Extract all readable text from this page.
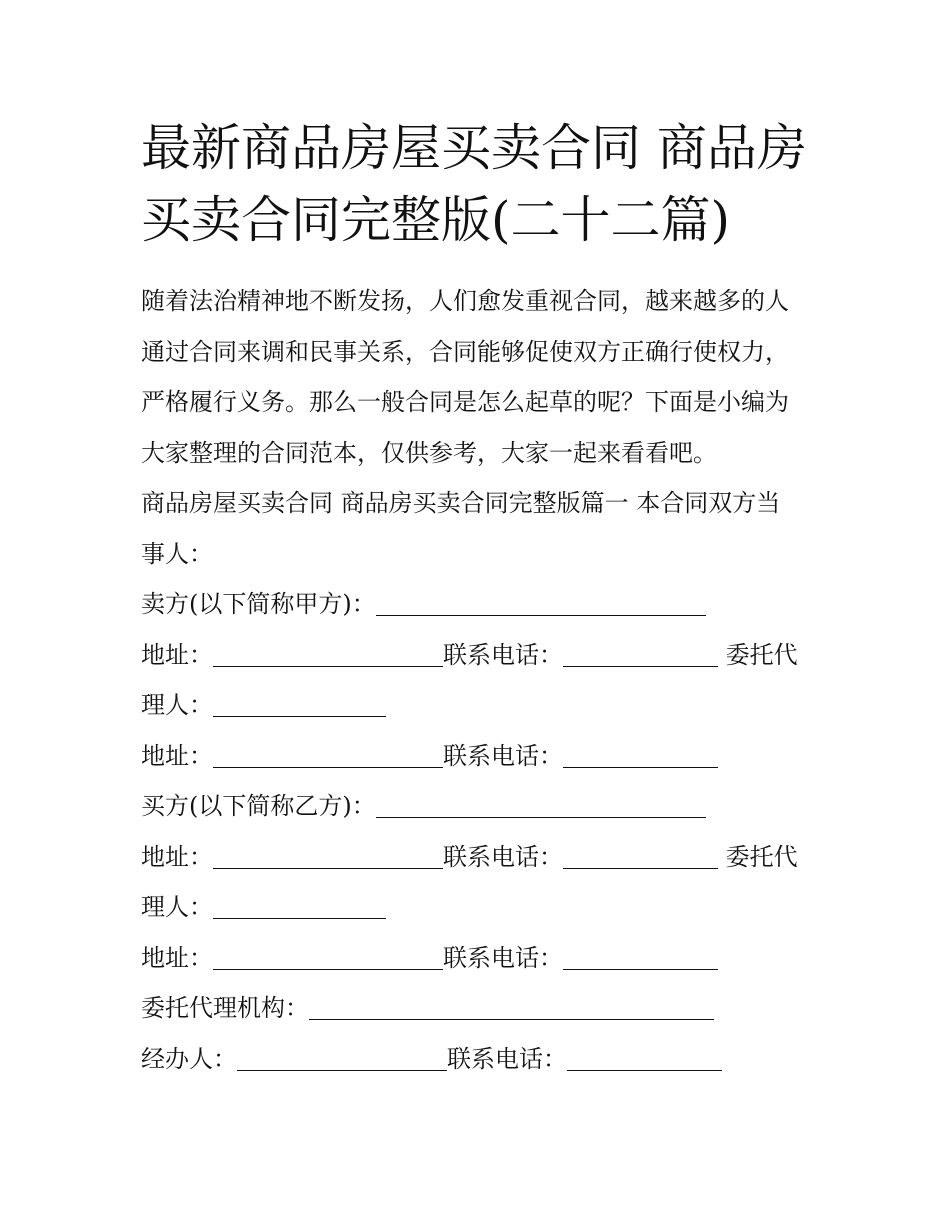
最新商品房屋买卖合同 商品房
买卖合同完整版(二十二篇)
随着法治精神地不断发扬，人们愈发重视合同，越来越多的人
通过合同来调和民事关系，合同能够促使双方正确行使权力，
严格履行义务。那么一般合同是怎么起草的呢？下面是小编为
大家整理的合同范本，仅供参考，大家一起来看看吧。
商品房屋买卖合同 商品房买卖合同完整版篇一 本合同双方当
事人：
卖方(以下简称甲方)：
地址：	联系电话：	委托代
理人：
地址：	联系电话：
买方(以下简称乙方)：
地址：	联系电话：	委托代
理人：
地址：	联系电话：
委托代理机构：
经办人：	联系电话：
